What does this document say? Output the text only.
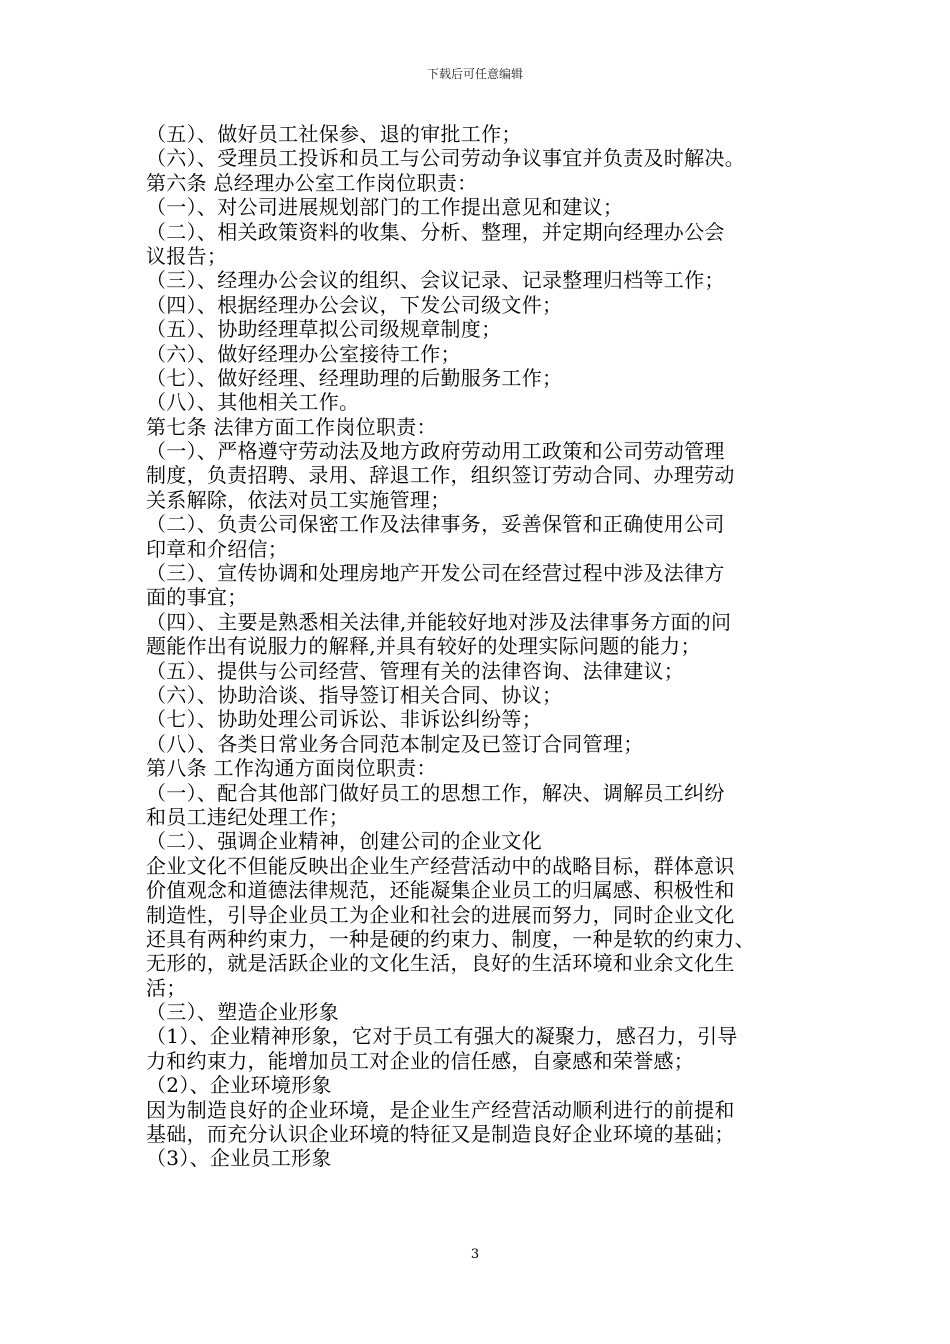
下载后可任意编辑
（五）、做好员工社保参、退的审批工作；
（六）、受理员工投诉和员工与公司劳动争议事宜并负责及时解决。
第六条 总经理办公室工作岗位职责：
（一）、对公司进展规划部门的工作提出意见和建议；
（二）、相关政策资料的收集、分析、整理，并定期向经理办公会
议报告；
（三）、经理办公会议的组织、会议记录、记录整理归档等工作；
（四）、根据经理办公会议，下发公司级文件；
（五）、协助经理草拟公司级规章制度；
（六）、做好经理办公室接待工作；
（七）、做好经理、经理助理的后勤服务工作；
（八）、其他相关工作。
第七条 法律方面工作岗位职责：
（一）、严格遵守劳动法及地方政府劳动用工政策和公司劳动管理
制度，负责招聘、录用、辞退工作，组织签订劳动合同、办理劳动
关系解除，依法对员工实施管理；
（二）、负责公司保密工作及法律事务，妥善保管和正确使用公司
印章和介绍信；
（三）、宣传协调和处理房地产开发公司在经营过程中涉及法律方
面的事宜；
（四）、主要是熟悉相关法律,并能较好地对涉及法律事务方面的问
题能作出有说服力的解释,并具有较好的处理实际问题的能力；
（五）、提供与公司经营、管理有关的法律咨询、法律建议；
（六）、协助洽谈、指导签订相关合同、协议；
（七）、协助处理公司诉讼、非诉讼纠纷等；
（八）、各类日常业务合同范本制定及已签订合同管理；
第八条 工作沟通方面岗位职责：
（一）、配合其他部门做好员工的思想工作，解决、调解员工纠纷
和员工违纪处理工作；
（二）、强调企业精神，创建公司的企业文化
企业文化不但能反映出企业生产经营活动中的战略目标，群体意识
价值观念和道德法律规范，还能凝集企业员工的归属感、积极性和
制造性，引导企业员工为企业和社会的进展而努力，同时企业文化
还具有两种约束力，一种是硬的约束力、制度，一种是软的约束力、
无形的，就是活跃企业的文化生活，良好的生活环境和业余文化生
活；
（三）、塑造企业形象
（1）、企业精神形象，它对于员工有强大的凝聚力，感召力，引导
力和约束力，能增加员工对企业的信任感，自豪感和荣誉感；
（2）、企业环境形象
因为制造良好的企业环境，是企业生产经营活动顺利进行的前提和
基础，而充分认识企业环境的特征又是制造良好企业环境的基础；
（3）、企业员工形象
3
